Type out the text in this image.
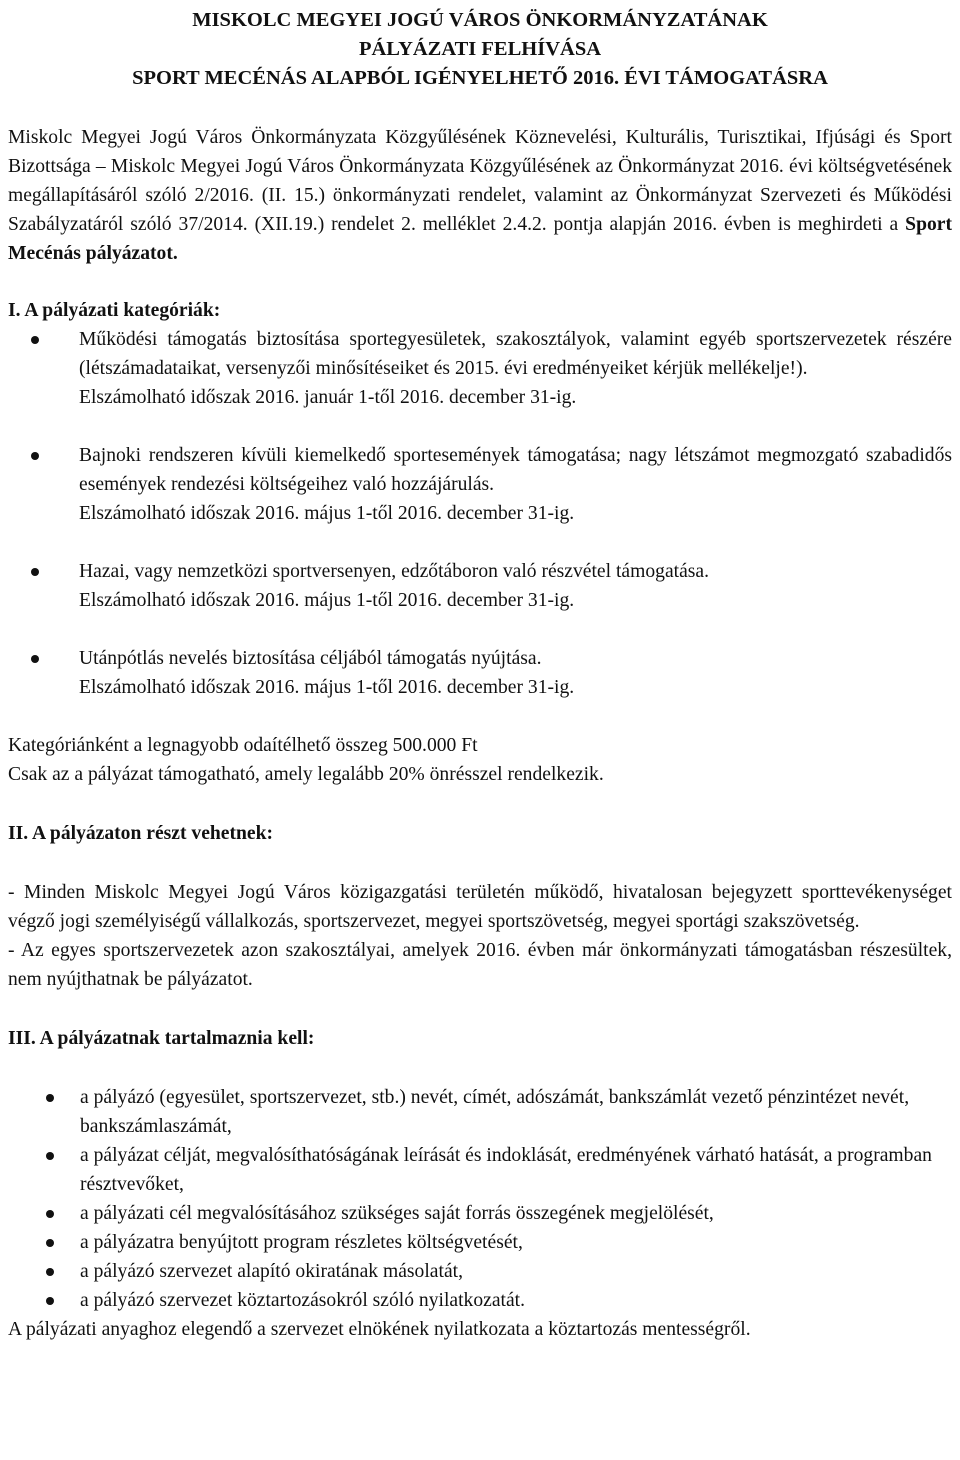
MISKOLC MEGYEI JOGÚ VÁROS ÖNKORMÁNYZATÁNAK
PÁLYÁZATI FELHÍVÁSA
SPORT MECÉNÁS ALAPBÓL IGÉNYELHETŐ 2016. ÉVI TÁMOGATÁSRA

Miskolc Megyei Jogú Város Önkormányzata Közgyűlésének Köznevelési, Kulturális, Turisztikai, Ifjúsági és Sport Bizottsága – Miskolc Megyei Jogú Város Önkormányzata Közgyűlésének az Önkormányzat 2016. évi költségvetésének megállapításáról szóló 2/2016. (II. 15.) önkormányzati rendelet, valamint az Önkormányzat Szervezeti és Működési Szabályzatáról szóló 37/2014. (XII.19.) rendelet 2. melléklet 2.4.2. pontja alapján 2016. évben is meghirdeti a Sport Mecénás pályázatot.

I. A pályázati kategóriák:

Működési támogatás biztosítása sportegyesületek, szakosztályok, valamint egyéb sportszervezetek részére (létszámadataikat, versenyzői minősítéseiket és 2015. évi eredményeiket kérjük mellékelje!).
Elszámolható időszak 2016. január 1-től 2016. december 31-ig.
Bajnoki rendszeren kívüli kiemelkedő sportesemények támogatása; nagy létszámot megmozgató szabadidős események rendezési költségeihez való hozzájárulás.
Elszámolható időszak 2016. május 1-től 2016. december 31-ig.
Hazai, vagy nemzetközi sportversenyen, edzőtáboron való részvétel támogatása.
Elszámolható időszak 2016. május 1-től 2016. december 31-ig.
Utánpótlás nevelés biztosítása céljából támogatás nyújtása.
Elszámolható időszak 2016. május 1-től 2016. december 31-ig.

Kategóriánként a legnagyobb odaítélhető összeg 500.000 Ft

Csak az a pályázat támogatható, amely legalább 20% önrésszel rendelkezik.

II. A pályázaton részt vehetnek:

- Minden Miskolc Megyei Jogú Város közigazgatási területén működő, hivatalosan bejegyzett sporttevékenységet végző jogi személyiségű vállalkozás, sportszervezet, megyei sportszövetség, megyei sportági szakszövetség.

- Az egyes sportszervezetek azon szakosztályai, amelyek 2016. évben már önkormányzati támogatásban részesültek, nem nyújthatnak be pályázatot.

III. A pályázatnak tartalmaznia kell:

a pályázó (egyesület, sportszervezet, stb.) nevét, címét, adószámát, bankszámlát vezető pénzintézet nevét, bankszámlaszámát,
a pályázat célját, megvalósíthatóságának leírását és indoklását, eredményének várható hatását, a programban résztvevőket,
a pályázati cél megvalósításához szükséges saját forrás összegének megjelölését,
a pályázatra benyújtott program részletes költségvetését,
a pályázó szervezet alapító okiratának másolatát,
a pályázó szervezet köztartozásokról szóló nyilatkozatát.

A pályázati anyaghoz elegendő a szervezet elnökének nyilatkozata a köztartozás mentességről.
